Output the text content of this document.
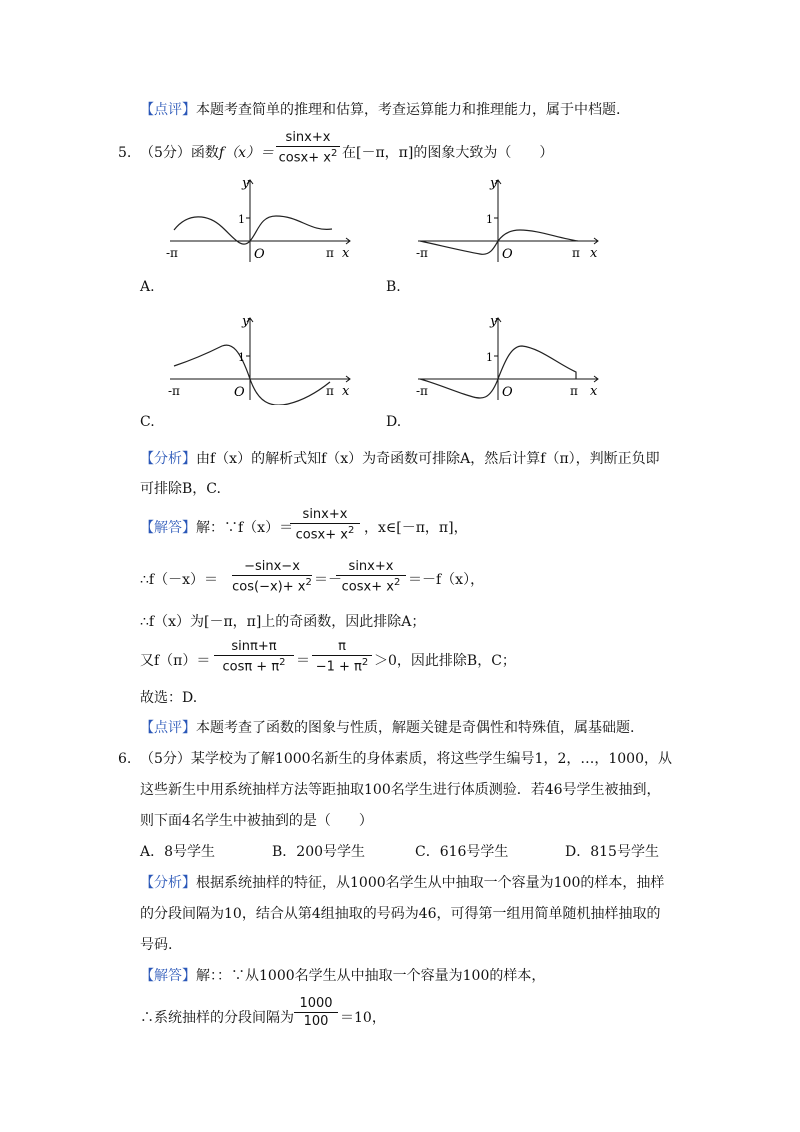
【点评】本题考查简单的推理和估算，考查运算能力和推理能力，属于中档题.
5. （5分）函数f（x）＝
sinx+x
$\cos x+ x^2$ 在[－π，π]的图象大致为（　　）
y
1
O
-π	π x
A.
y
1
O
-π	π x
B.
y
1
O
-π	π x
C.
y
1
O
-π	π x
D.
【分析】由f（x）的解析式知f（x）为奇函数可排除A，然后计算f（π），判断正负即
可排除B，C.
【解答】解：∵f（x）＝
sinx+x
$\cos x+ x^2$ ，x∈[－π，π]，
∴f（－x）＝
−sinx−x
$\cos(-x)+ x^2$ ＝－
sinx+x
$\cos x+ x^2 =-f(x)$，
∴f（x）为[－π，π]上的奇函数，因此排除A；
又f（π）＝
sinπ+π
$\cos\pi + \pi^2$ ＝
π
$-1 + \pi^2 >0$，因此排除B，C；
故选：D.
【点评】本题考查了函数的图象与性质，解题关键是奇偶性和特殊值，属基础题.
6. （5分）某学校为了解1000名新生的身体素质，将这些学生编号1，2，…，1000，从
这些新生中用系统抽样方法等距抽取100名学生进行体质测验．若46号学生被抽到，
则下面4名学生中被抽到的是（　　）
A．8号学生	B．200号学生	C．616号学生	D．815号学生
【分析】根据系统抽样的特征，从1000名学生从中抽取一个容量为100的样本，抽样
的分段间隔为10，结合从第4组抽取的号码为46，可得第一组用简单随机抽样抽取的
号码.
【解答】解：：∵从1000名学生从中抽取一个容量为100的样本，
∴系统抽样的分段间隔为
1000
100 ＝10，
